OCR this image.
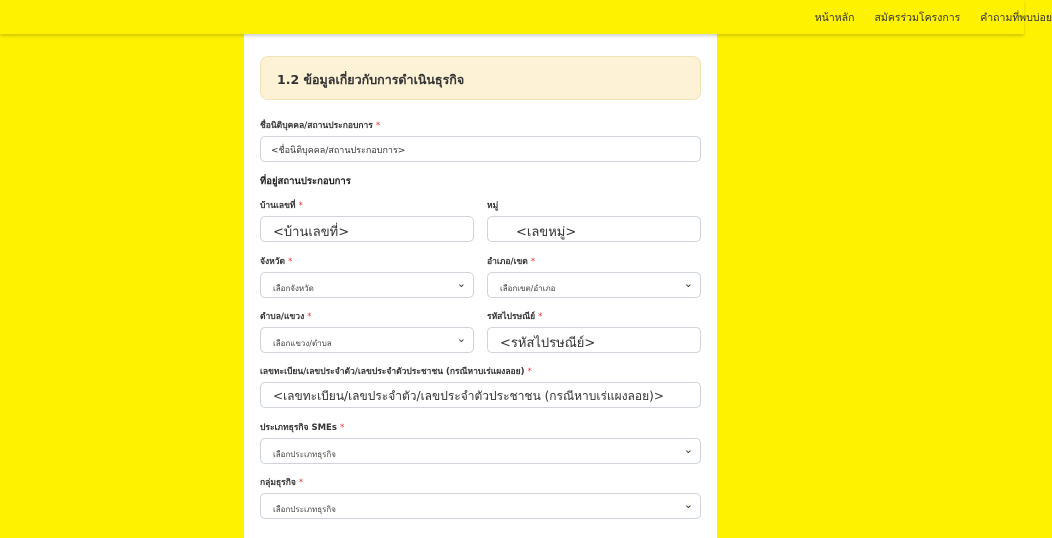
หน้าหลัก สมัครร่วมโครงการ คำถามที่พบบ่อย
1.2 ข้อมูลเกี่ยวกับการดำเนินธุรกิจ
ชื่อนิติบุคคล/สถานประกอบการ *
<ชื่อนิติบุคคล/สถานประกอบการ>
ที่อยู่สถานประกอบการ
บ้านเลขที่ *
<บ้านเลขที่>
หมู่
<เลขหมู่>
จังหวัด *
เลือกจังหวัด	⌄
อำเภอ/เขต *
เลือกเขต/อำเภอ	⌄
ตำบล/แขวง *
เลือกแขวง/ตำบล	⌄
รหัสไปรษณีย์ *
<รหัสไปรษณีย์>
เลขทะเบียน/เลขประจำตัว/เลขประจำตัวประชาชน (กรณีหาบเร่แผงลอย) *
<เลขทะเบียน/เลขประจำตัว/เลขประจำตัวประชาชน (กรณีหาบเร่แผงลอย)>
ประเภทธุรกิจ SMEs *
เลือกประเภทธุรกิจ	⌄
กลุ่มธุรกิจ *
เลือกประเภทธุรกิจ	⌄
